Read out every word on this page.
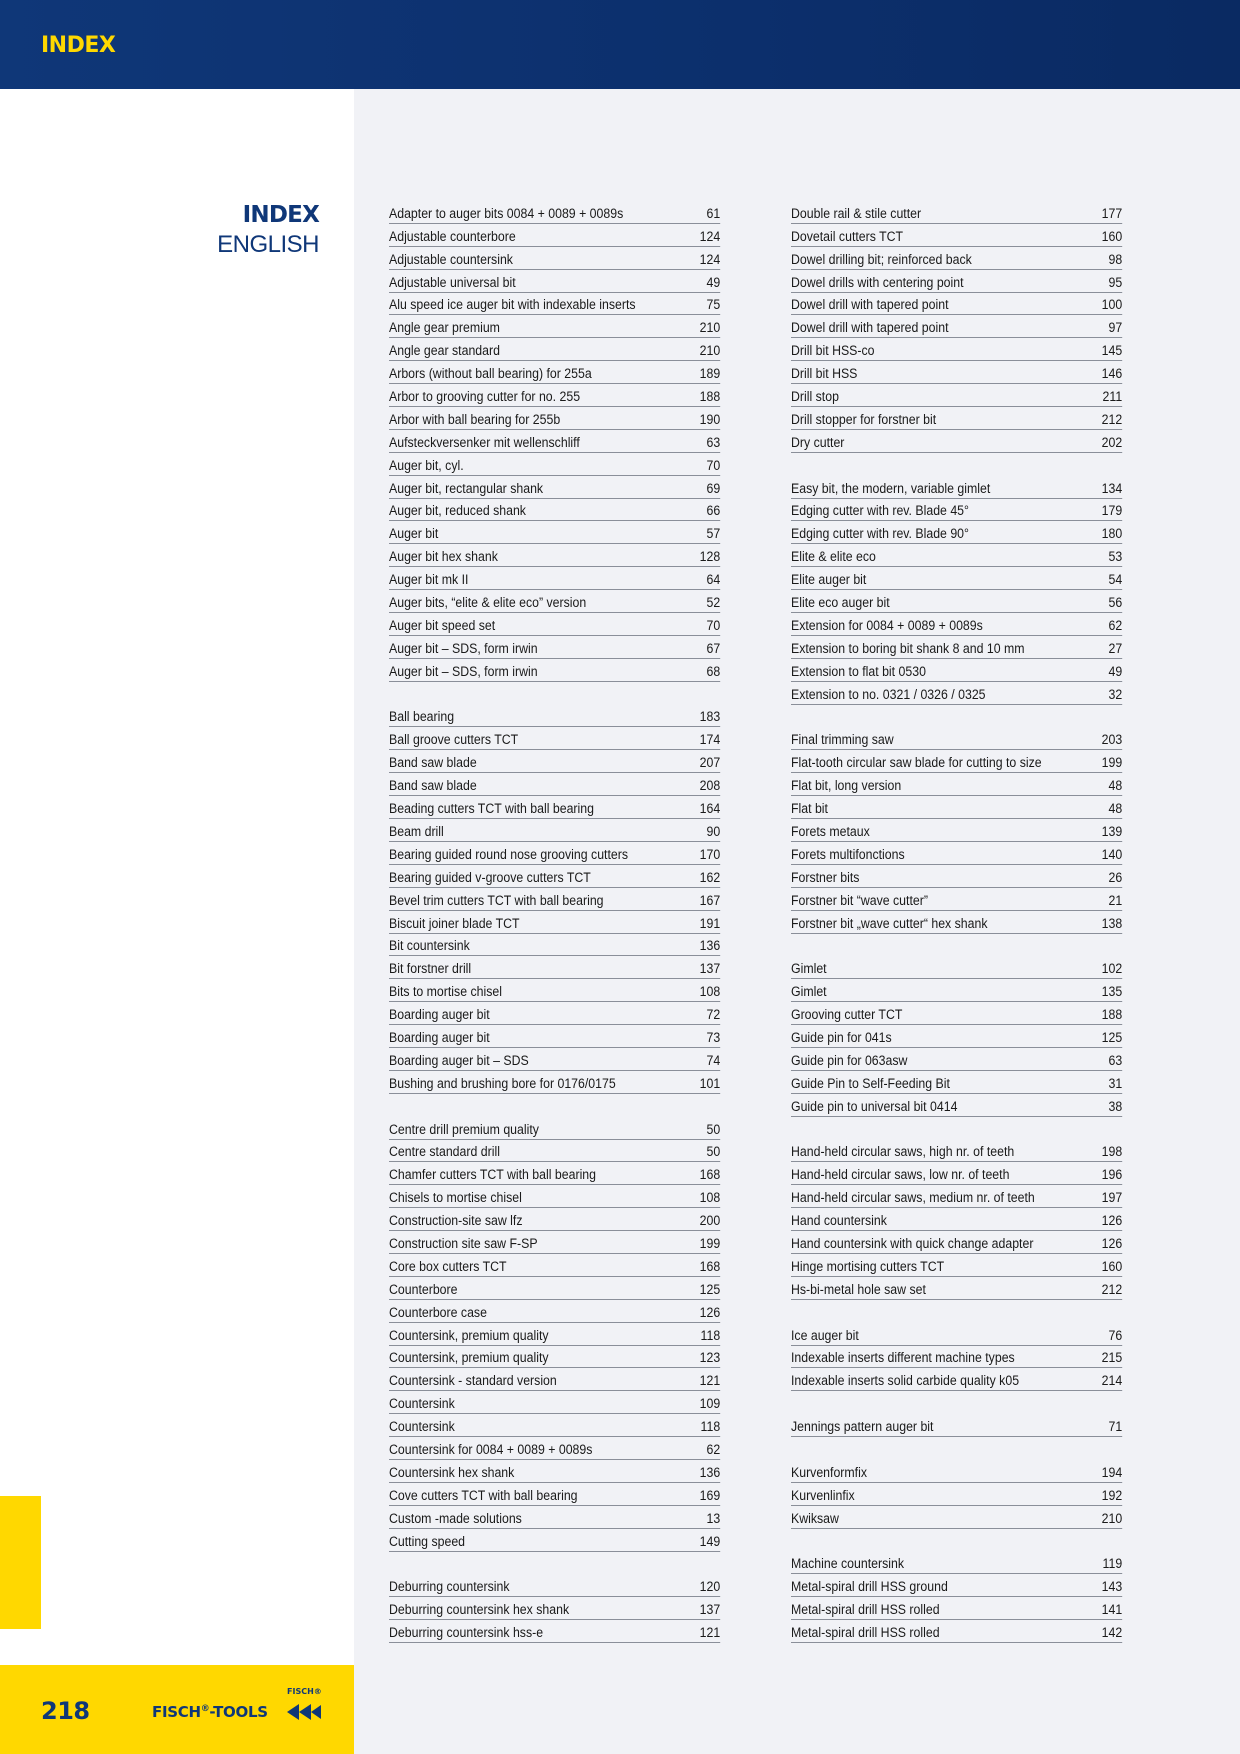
INDEX
INDEX
ENGLISH
Adapter to auger bits 0084 + 0089 + 0089s	61
Adjustable counterbore	124
Adjustable countersink	124
Adjustable universal bit	49
Alu speed ice auger bit with indexable inserts	75
Angle gear premium	210
Angle gear standard	210
Arbors (without ball bearing) for 255a	189
Arbor to grooving cutter for no. 255	188
Arbor with ball bearing for 255b	190
Aufsteckversenker mit wellenschliff	63
Auger bit, cyl.	70
Auger bit, rectangular shank	69
Auger bit, reduced shank	66
Auger bit	57
Auger bit hex shank	128
Auger bit mk II	64
Auger bits, “elite & elite eco” version	52
Auger bit speed set	70
Auger bit – SDS, form irwin	67
Auger bit – SDS, form irwin	68
Ball bearing	183
Ball groove cutters TCT	174
Band saw blade	207
Band saw blade	208
Beading cutters TCT with ball bearing	164
Beam drill	90
Bearing guided round nose grooving cutters	170
Bearing guided v-groove cutters TCT	162
Bevel trim cutters TCT with ball bearing	167
Biscuit joiner blade TCT	191
Bit countersink	136
Bit forstner drill	137
Bits to mortise chisel	108
Boarding auger bit	72
Boarding auger bit	73
Boarding auger bit – SDS	74
Bushing and brushing bore for 0176/0175	101
Centre drill premium quality	50
Centre standard drill	50
Chamfer cutters TCT with ball bearing	168
Chisels to mortise chisel	108
Construction-site saw lfz	200
Construction site saw F-SP	199
Core box cutters TCT	168
Counterbore	125
Counterbore case	126
Countersink, premium quality	118
Countersink, premium quality	123
Countersink - standard version	121
Countersink	109
Countersink	118
Countersink for 0084 + 0089 + 0089s	62
Countersink hex shank	136
Cove cutters TCT with ball bearing	169
Custom -made solutions	13
Cutting speed	149
Deburring countersink	120
Deburring countersink hex shank	137
Deburring countersink hss-e	121
Double rail & stile cutter	177
Dovetail cutters TCT	160
Dowel drilling bit; reinforced back	98
Dowel drills with centering point	95
Dowel drill with tapered point	100
Dowel drill with tapered point	97
Drill bit HSS-co	145
Drill bit HSS	146
Drill stop	211
Drill stopper for forstner bit	212
Dry cutter	202
Easy bit, the modern, variable gimlet	134
Edging cutter with rev. Blade 45°	179
Edging cutter with rev. Blade 90°	180
Elite & elite eco	53
Elite auger bit	54
Elite eco auger bit	56
Extension for 0084 + 0089 + 0089s	62
Extension to boring bit shank 8 and 10 mm	27
Extension to flat bit 0530	49
Extension to no. 0321 / 0326 / 0325	32
Final trimming saw	203
Flat-tooth circular saw blade for cutting to size	199
Flat bit, long version	48
Flat bit	48
Forets metaux	139
Forets multifonctions	140
Forstner bits	26
Forstner bit “wave cutter”	21
Forstner bit „wave cutter“ hex shank	138
Gimlet	102
Gimlet	135
Grooving cutter TCT	188
Guide pin for 041s	125
Guide pin for 063asw	63
Guide Pin to Self-Feeding Bit	31
Guide pin to universal bit 0414	38
Hand-held circular saws, high nr. of teeth	198
Hand-held circular saws, low nr. of teeth	196
Hand-held circular saws, medium nr. of teeth	197
Hand countersink	126
Hand countersink with quick change adapter	126
Hinge mortising cutters TCT	160
Hs-bi-metal hole saw set	212
Ice auger bit	76
Indexable inserts different machine types	215
Indexable inserts solid carbide quality k05	214
Jennings pattern auger bit	71
Kurvenformfix	194
Kurvenlinfix	192
Kwiksaw	210
Machine countersink	119
Metal-spiral drill HSS ground	143
Metal-spiral drill HSS rolled	141
Metal-spiral drill HSS rolled	142
218	FISCH®-TOOLS
FISCH®
